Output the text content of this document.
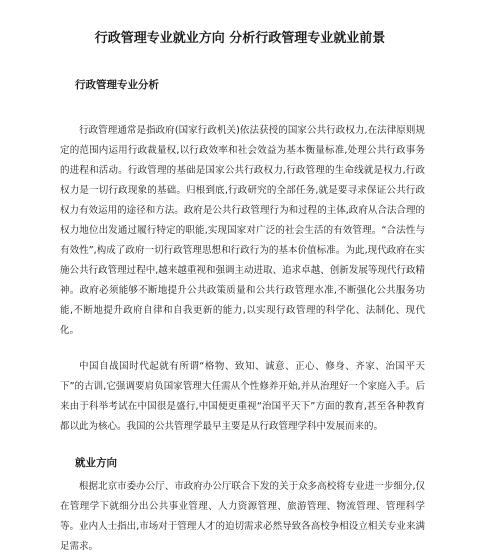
行政管理专业就业方向 分析行政管理专业就业前景
行政管理专业分析

行政管理通常是指政府(国家行政机关)依法获授的国家公共行政权力,在法律原则规定的范围内运用行政裁量权,以行政效率和社会效益为基本衡量标准,处理公共行政事务的进程和活动。行政管理的基础是国家公共行政权力,行政管理的生命线就是权力,行政权力是一切行政现象的基础。归根到底,行政研究的全部任务,就是要寻求保证公共行政权力有效运用的途径和方法。政府是公共行政管理行为和过程的主体,政府从合法合理的权力地位出发通过履行特定的职能,实现国家对广泛的社会生活的有效管理。“合法性与有效性”,构成了政府一切行政管理思想和行政行为的基本价值标准。为此,现代政府在实施公共行政管理过程中,越来越重视和强调主动进取、追求卓越、创新发展等现代行政精神。政府必须能够不断地提升公共政策质量和公共行政管理水准,不断强化公共服务功能,不断地提升政府自律和自我更新的能力,以实现行政管理的科学化、法制化、现代化。

中国自战国时代起就有所谓“格物、致知、诚意、正心、修身、齐家、治国平天下”的古训,它强调要肩负国家管理大任需从个性修养开始,并从治理好一个家庭入手。后来由于科举考试在中国很是盛行,中国便更重视“治国平天下”方面的教育,甚至各种教育都以此为核心。我国的公共管理学最早主要是从行政管理学科中发展而来的。

就业方向

根据北京市委办公厅、市政府办公厅联合下发的关于众多高校将专业进一步细分,仅在管理学下就细分出公共事业管理、人力资源管理、旅游管理、物流管理、管理科学等。业内人士指出,市场对于管理人才的迫切需求必然导致各高校争相设立相关专业来满足需求。
